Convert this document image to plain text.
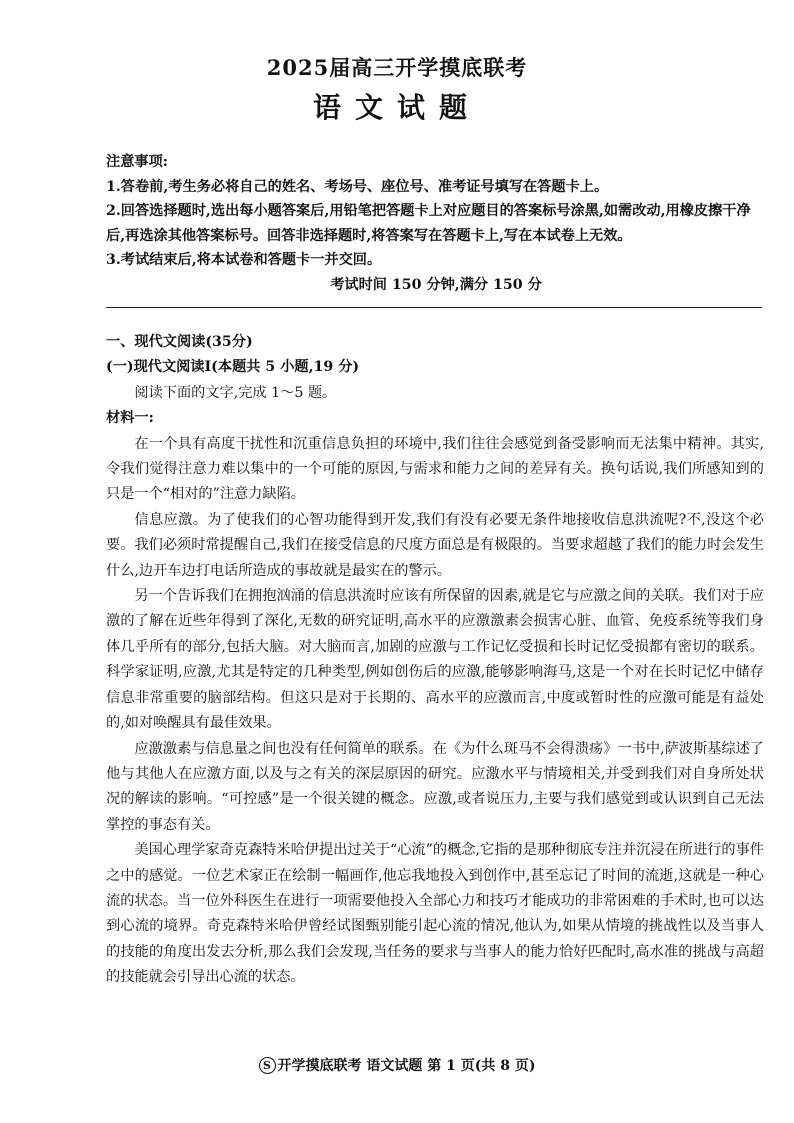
2025届高三开学摸底联考
语文试题

注意事项:

1.答卷前,考生务必将自己的姓名、考场号、座位号、准考证号填写在答题卡上。

2.回答选择题时,选出每小题答案后,用铅笔把答题卡上对应题目的答案标号涂黑,如需改动,用橡皮擦干净后,再选涂其他答案标号。回答非选择题时,将答案写在答题卡上,写在本试卷上无效。

3.考试结束后,将本试卷和答题卡一并交回。

考试时间 150 分钟,满分 150 分

一、现代文阅读(35分)

(一)现代文阅读Ⅰ(本题共 5 小题,19 分)

阅读下面的文字,完成 1～5 题。

材料一:

在一个具有高度干扰性和沉重信息负担的环境中,我们往往会感觉到备受影响而无法集中精神。其实,令我们觉得注意力难以集中的一个可能的原因,与需求和能力之间的差异有关。换句话说,我们所感知到的只是一个“相对的”注意力缺陷。

信息应激。为了使我们的心智功能得到开发,我们有没有必要无条件地接收信息洪流呢?不,没这个必要。我们必须时常提醒自己,我们在接受信息的尺度方面总是有极限的。当要求超越了我们的能力时会发生什么,边开车边打电话所造成的事故就是最实在的警示。

另一个告诉我们在拥抱汹涌的信息洪流时应该有所保留的因素,就是它与应激之间的关联。我们对于应激的了解在近些年得到了深化,无数的研究证明,高水平的应激激素会损害心脏、血管、免疫系统等我们身体几乎所有的部分,包括大脑。对大脑而言,加剧的应激与工作记忆受损和长时记忆受损都有密切的联系。科学家证明,应激,尤其是特定的几种类型,例如创伤后的应激,能够影响海马,这是一个对在长时记忆中储存信息非常重要的脑部结构。但这只是对于长期的、高水平的应激而言,中度或暂时性的应激可能是有益处的,如对唤醒具有最佳效果。

应激激素与信息量之间也没有任何简单的联系。在《为什么斑马不会得溃疡》一书中,萨波斯基综述了他与其他人在应激方面,以及与之有关的深层原因的研究。应激水平与情境相关,并受到我们对自身所处状况的解读的影响。“可控感”是一个很关键的概念。应激,或者说压力,主要与我们感觉到或认识到自己无法掌控的事态有关。

美国心理学家奇克森特米哈伊提出过关于“心流”的概念,它指的是那种彻底专注并沉浸在所进行的事件之中的感觉。一位艺术家正在绘制一幅画作,他忘我地投入到创作中,甚至忘记了时间的流逝,这就是一种心流的状态。当一位外科医生在进行一项需要他投入全部心力和技巧才能成功的非常困难的手术时,也可以达到心流的境界。奇克森特米哈伊曾经试图甄别能引起心流的情况,他认为,如果从情境的挑战性以及当事人的技能的角度出发去分析,那么我们会发现,当任务的要求与当事人的能力恰好匹配时,高水准的挑战与高超的技能就会引导出心流的状态。

S 开学摸底联考 语文试题 第 1 页(共 8 页)
